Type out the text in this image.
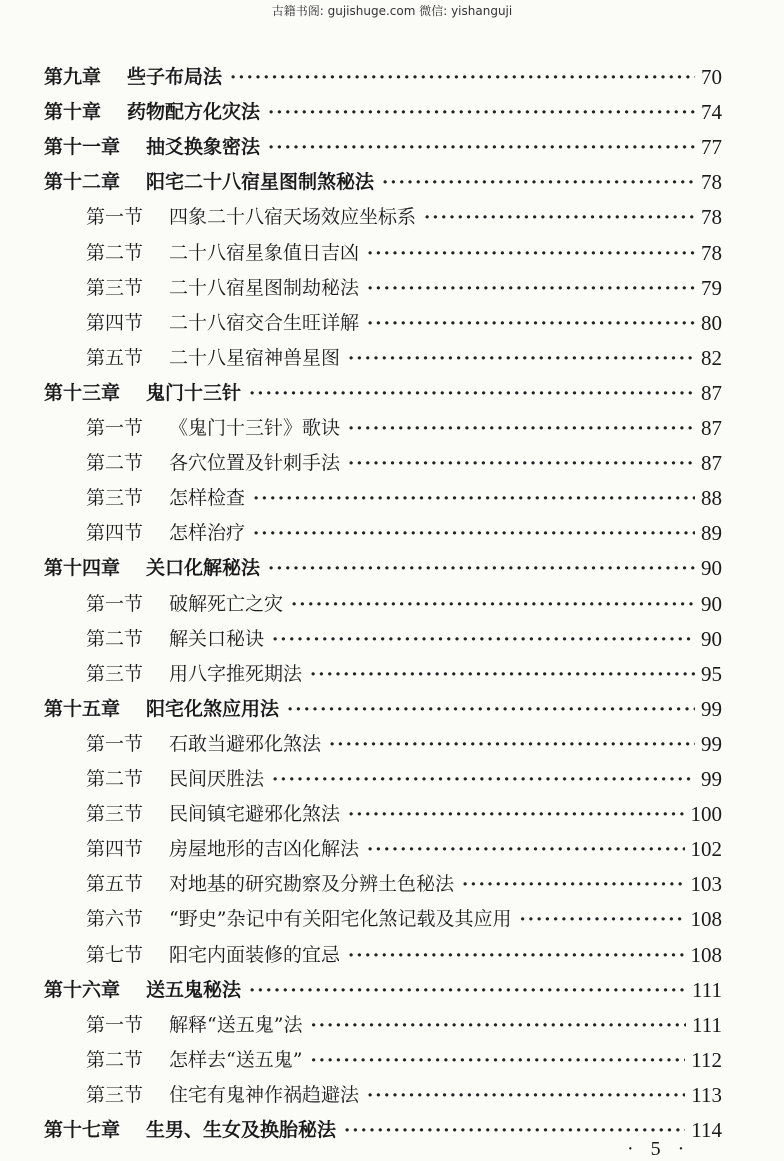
古籍书阁: gujishuge.com 微信: yishanguji
第九章 些子布局法 ·····	70
第十章 药物配方化灾法 ·····	74
第十一章 抽爻换象密法 ·····	77
第十二章 阳宅二十八宿星图制煞秘法 ·····	78
第一节 四象二十八宿天场效应坐标系 ·····	78
第二节 二十八宿星象值日吉凶 ·····	78
第三节 二十八宿星图制劫秘法 ·····	79
第四节 二十八宿交合生旺详解 ·····	80
第五节 二十八星宿神兽星图 ·····	82
第十三章 鬼门十三针 ·····	87
第一节 《鬼门十三针》歌诀 ·····	87
第二节 各穴位置及针刺手法 ·····	87
第三节 怎样检查 ·····	88
第四节 怎样治疗 ·····	89
第十四章 关口化解秘法 ·····	90
第一节 破解死亡之灾 ·····	90
第二节 解关口秘诀 ·····	90
第三节 用八字推死期法 ·····	95
第十五章 阳宅化煞应用法 ·····	99
第一节 石敢当避邪化煞法 ·····	99
第二节 民间厌胜法 ·····	99
第三节 民间镇宅避邪化煞法 ·····	100
第四节 房屋地形的吉凶化解法 ·····	102
第五节 对地基的研究勘察及分辨土色秘法 ·····	103
第六节 “野史”杂记中有关阳宅化煞记载及其应用 ·····	108
第七节 阳宅内面装修的宜忌 ·····	108
第十六章 送五鬼秘法 ·····	111
第一节 解释“送五鬼”法 ·····	111
第二节 怎样去“送五鬼” ·····	112
第三节 住宅有鬼神作祸趋避法 ·····	113
第十七章 生男、生女及换胎秘法 ·····	114
· 5 ·
